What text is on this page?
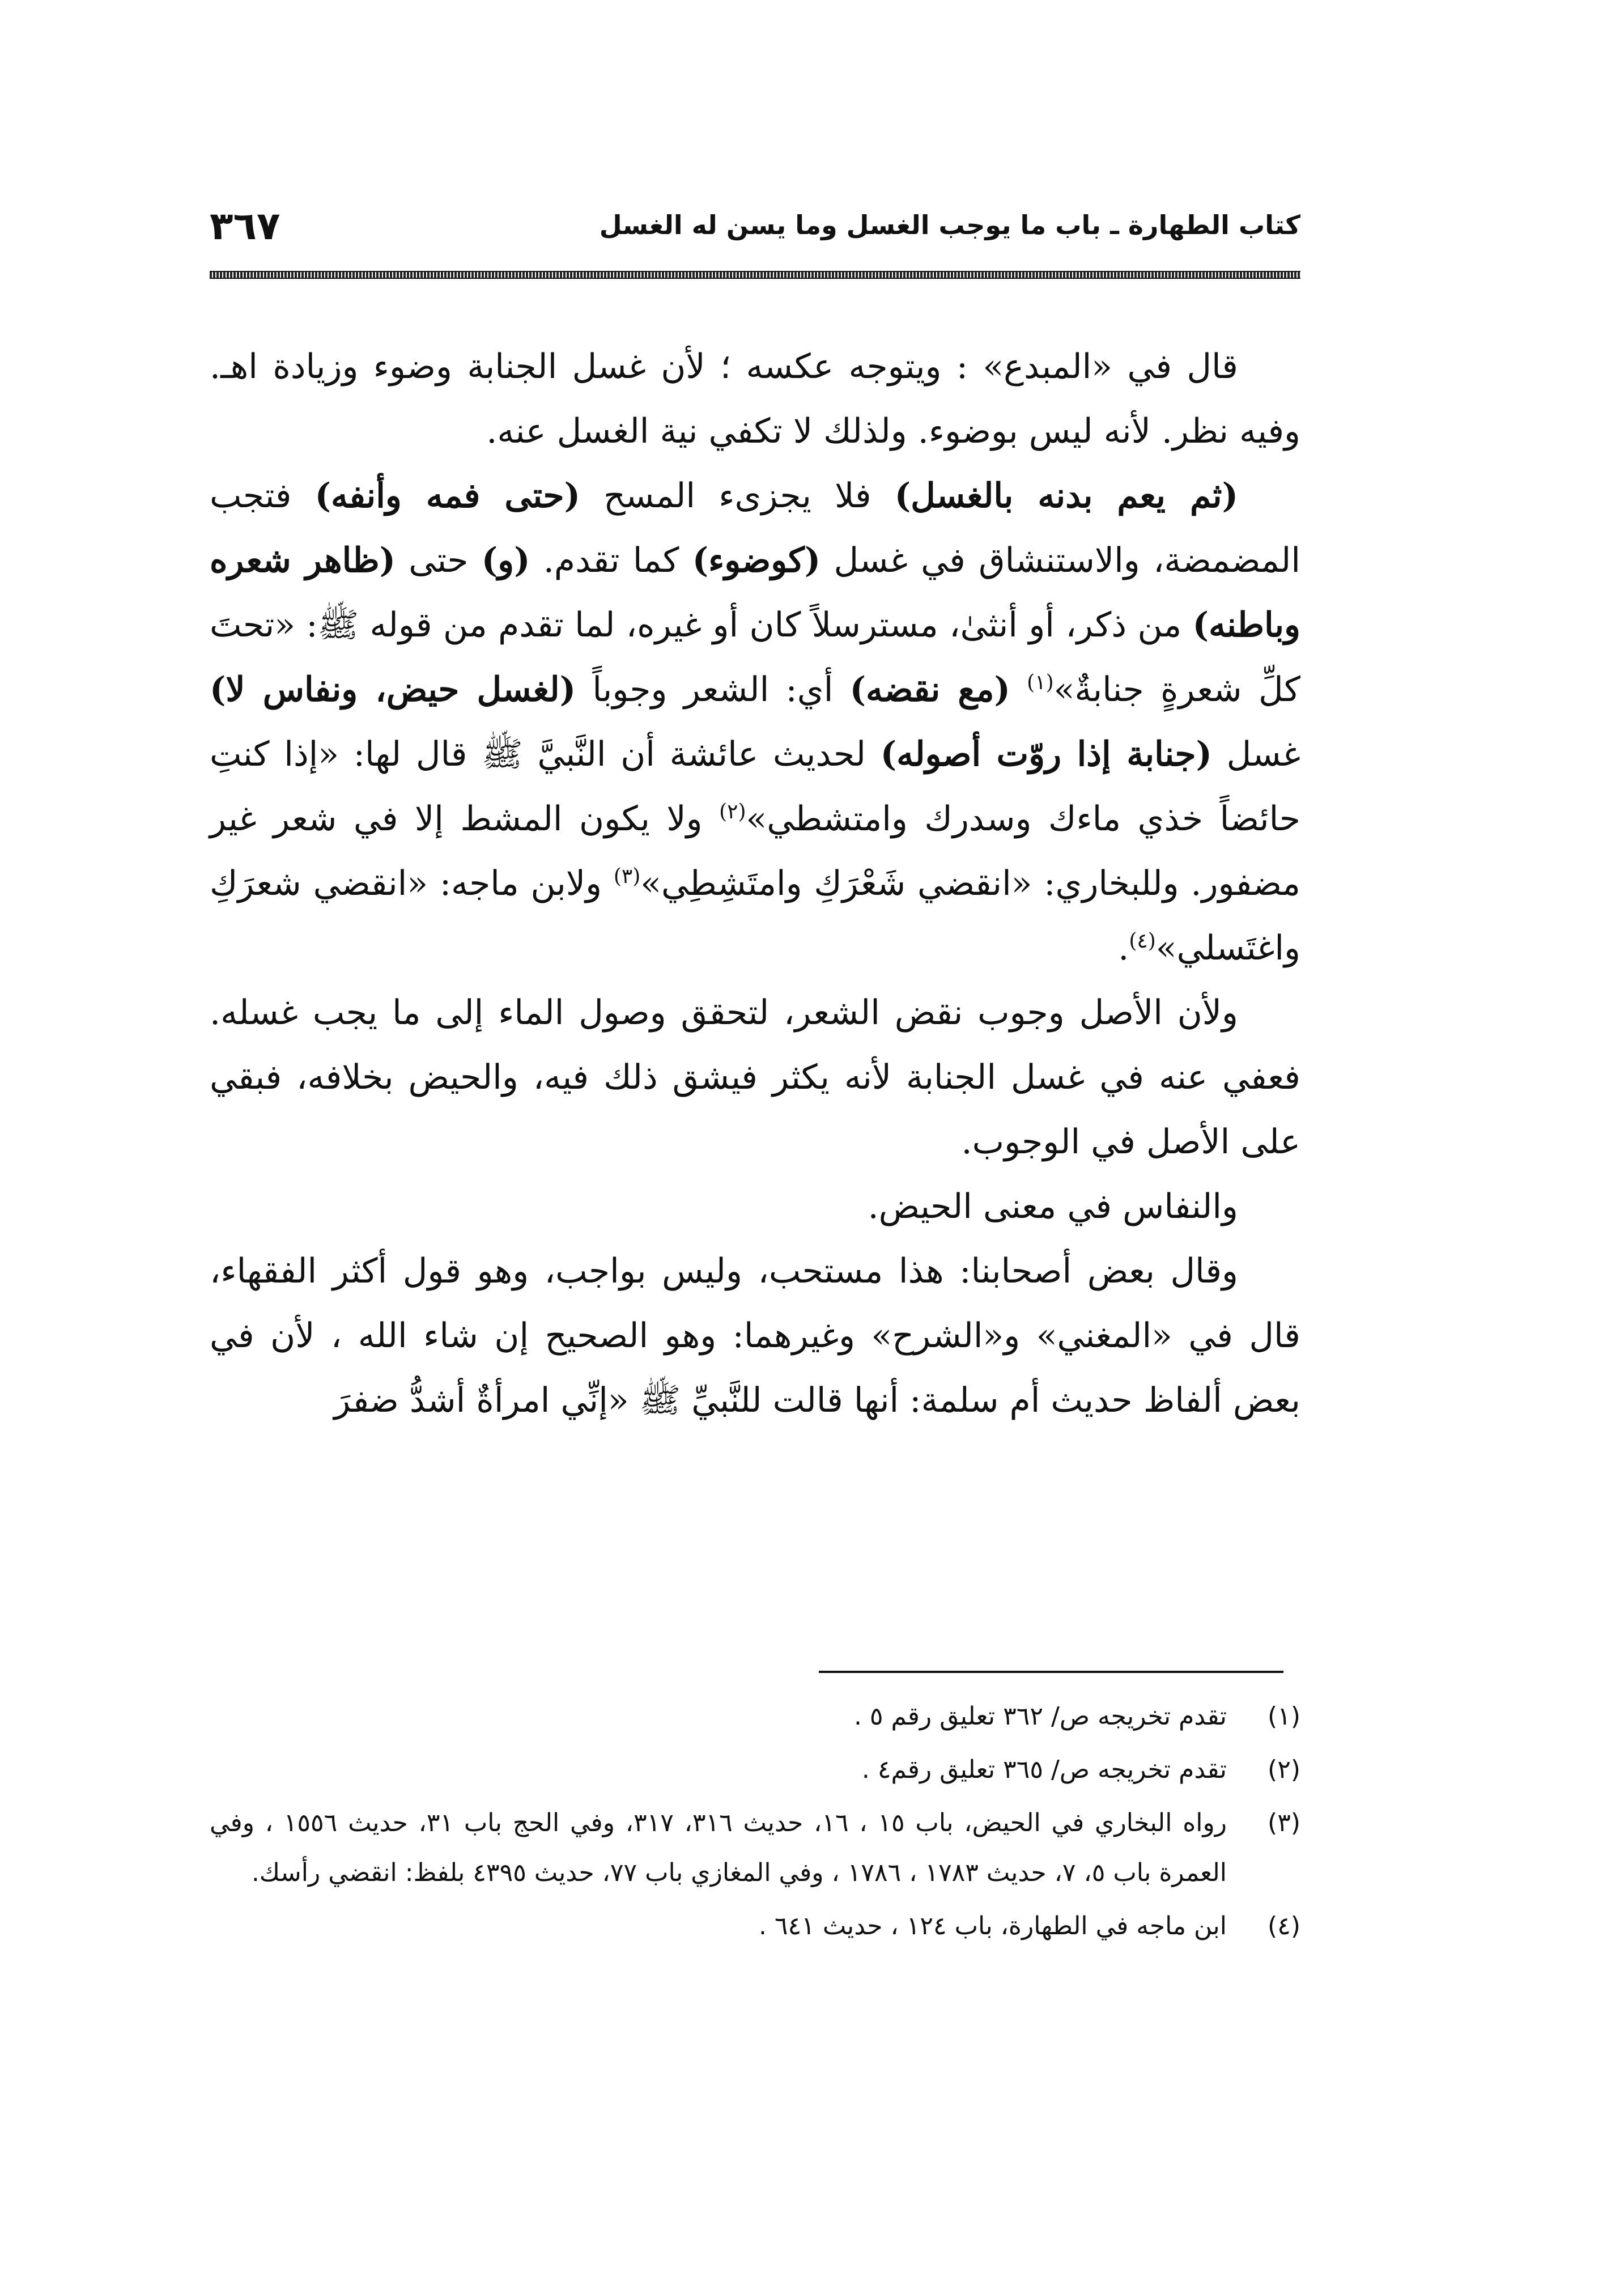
كتاب الطهارة ـ باب ما يوجب الغسل وما يسن له الغسل
٣٦٧

قال في «المبدع» : ويتوجه عكسه ؛ لأن غسل الجنابة وضوء وزيادة اهـ. وفيه نظر. لأنه ليس بوضوء. ولذلك لا تكفي نية الغسل عنه.

(ثم يعم بدنه بالغسل) فلا يجزىء المسح (حتى فمه وأنفه) فتجب المضمضة، والاستنشاق في غسل (كوضوء) كما تقدم. (و) حتى (ظاهر شعره وباطنه) من ذكر، أو أنثىٰ، مسترسلاً كان أو غيره، لما تقدم من قوله ﷺ: «تحتَ كلِّ شعرةٍ جنابةٌ»$^{(١)}$ (مع نقضه) أي: الشعر وجوباً (لغسل حيض، ونفاس لا) غسل (جنابة إذا روّت أصوله) لحديث عائشة أن النَّبيَّ ﷺ قال لها: «إذا كنتِ حائضاً خذي ماءك وسدرك وامتشطي»$^{(٢)}$ ولا يكون المشط إلا في شعر غير مضفور. وللبخاري: «انقضي شَعْرَكِ وامتَشِطِي»$^{(٣)}$ ولابن ماجه: «انقضي شعرَكِ واغتَسلي»$^{(٤)}$.

ولأن الأصل وجوب نقض الشعر، لتحقق وصول الماء إلى ما يجب غسله. فعفي عنه في غسل الجنابة لأنه يكثر فيشق ذلك فيه، والحيض بخلافه، فبقي على الأصل في الوجوب.

والنفاس في معنى الحيض.

وقال بعض أصحابنا: هذا مستحب، وليس بواجب، وهو قول أكثر الفقهاء، قال في «المغني» و«الشرح» وغيرهما: وهو الصحيح إن شاء الله ، لأن في بعض ألفاظ حديث أم سلمة: أنها قالت للنَّبيِّ ﷺ «إنِّي امرأةٌ أشدُّ ضفرَ

(١)
تقدم تخريجه ص/ ٣٦٢ تعليق رقم ٥ .
(٢)
تقدم تخريجه ص/ ٣٦٥ تعليق رقم٤ .
(٣)
رواه البخاري في الحيض، باب ١٥ ، ١٦، حديث ٣١٦، ٣١٧، وفي الحج باب ٣١، حديث ١٥٥٦ ، وفي العمرة باب ٥، ٧، حديث ١٧٨٣ ، ١٧٨٦ ، وفي المغازي باب ٧٧، حديث ٤٣٩٥ بلفظ: انقضي رأسك.
(٤)
ابن ماجه في الطهارة، باب ١٢٤ ، حديث ٦٤١ .
